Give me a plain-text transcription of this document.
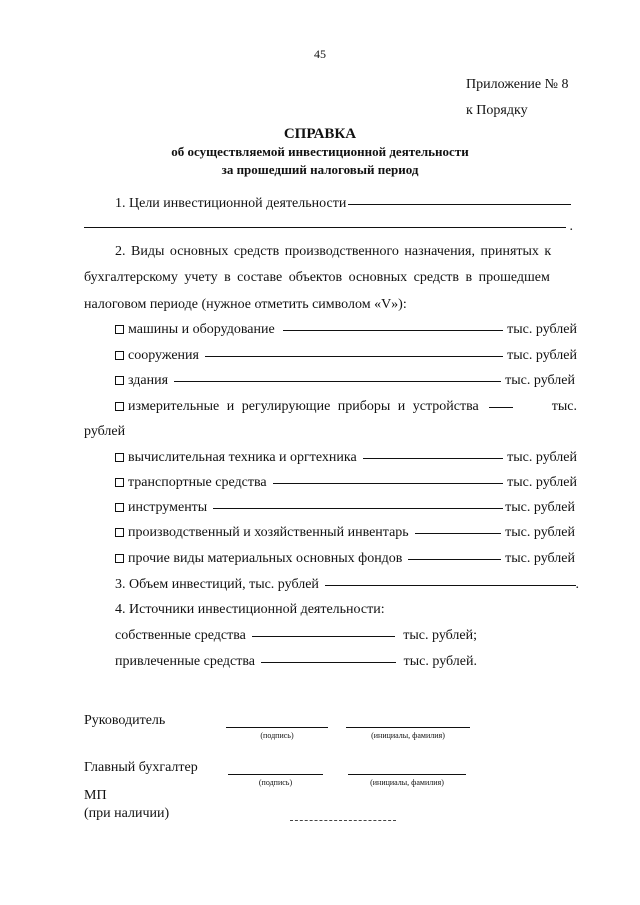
45
Приложение № 8
к Порядку
СПРАВКА
об осуществляемой инвестиционной деятельности
за прошедший налоговый период
1. Цели инвестиционной деятельности
.
2. Виды основных средств производственного назначения, принятых к
бухгалтерскому учету в составе объектов основных средств в прошедшем
налоговом периоде (нужное отметить символом «V»):
машины и оборудование	тыс. рублей
сооружения	тыс. рублей
здания	тыс. рублей
измерительные и регулирующие приборы и устройства	тыс.
рублей
вычислительная техника и оргтехника	тыс. рублей
транспортные средства	тыс. рублей
инструменты	тыс. рублей
производственный и хозяйственный инвентарь	тыс. рублей
прочие виды материальных основных фондов	тыс. рублей
3. Объем инвестиций, тыс. рублей	.
4. Источники инвестиционной деятельности:
собственные средства	тыс. рублей;
привлеченные средства	тыс. рублей.
Руководитель
(подпись)	(инициалы, фамилия)
Главный бухгалтер
(подпись)	(инициалы, фамилия)
МП
(при наличии)
